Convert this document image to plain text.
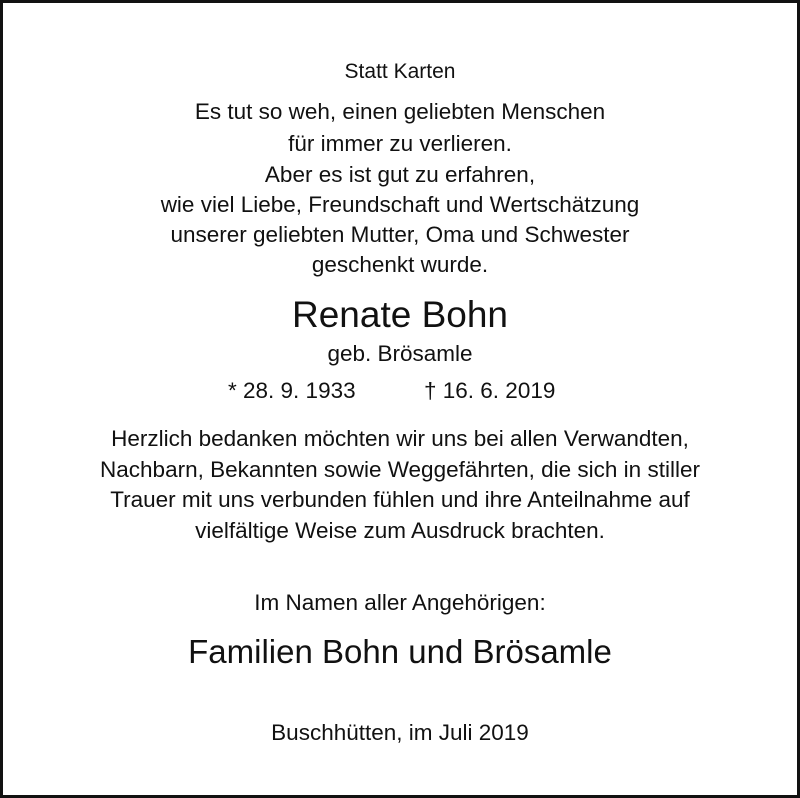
Statt Karten
Es tut so weh, einen geliebten Menschen
für immer zu verlieren.
Aber es ist gut zu erfahren,
wie viel Liebe, Freundschaft und Wertschätzung
unserer geliebten Mutter, Oma und Schwester
geschenkt wurde.
Renate Bohn
geb. Brösamle
* 28. 9. 1933	† 16. 6. 2019
Herzlich bedanken möchten wir uns bei allen Verwandten,
Nachbarn, Bekannten sowie Weggefährten, die sich in stiller
Trauer mit uns verbunden fühlen und ihre Anteilnahme auf
vielfältige Weise zum Ausdruck brachten.
Im Namen aller Angehörigen:
Familien Bohn und Brösamle
Buschhütten, im Juli 2019
